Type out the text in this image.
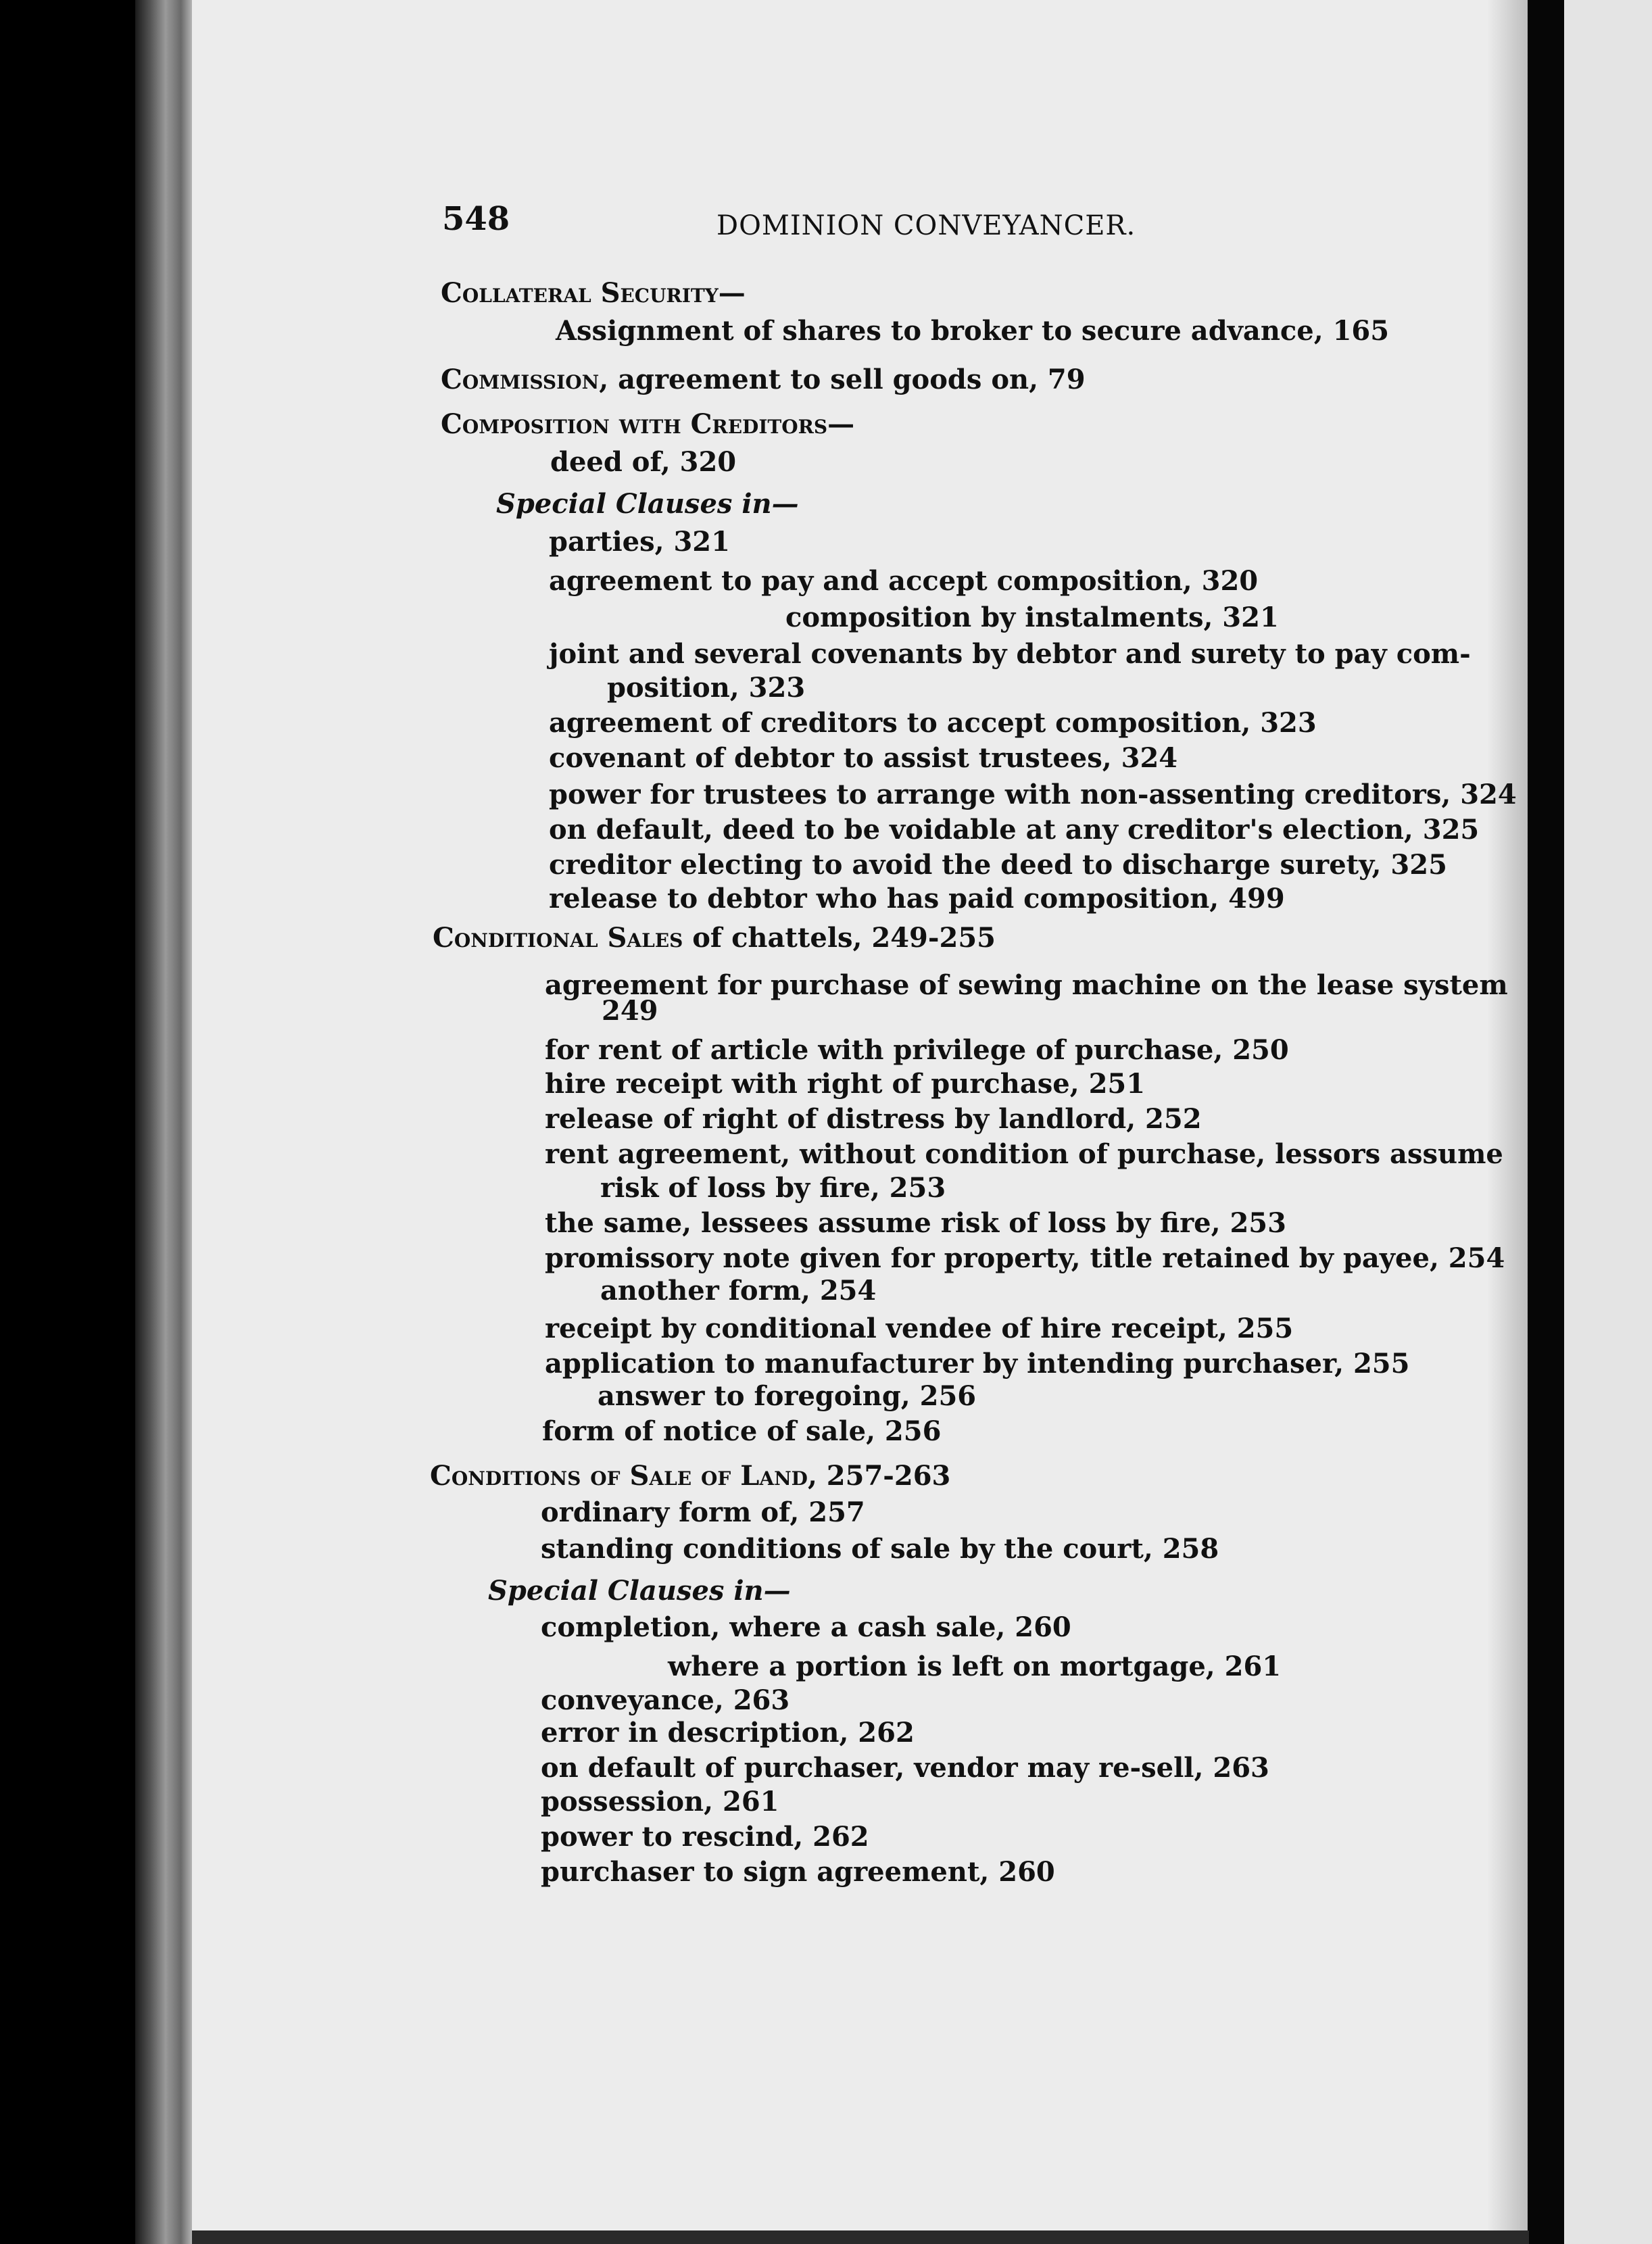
548	DOMINION CONVEYANCER.
Collateral Security—
Assignment of shares to broker to secure advance, 165
Commission, agreement to sell goods on, 79
Composition with Creditors—
deed of, 320
Special Clauses in—
parties, 321
agreement to pay and accept composition, 320
composition by instalments, 321
joint and several covenants by debtor and surety to pay com-
position, 323
agreement of creditors to accept composition, 323
covenant of debtor to assist trustees, 324
power for trustees to arrange with non-assenting creditors, 324
on default, deed to be voidable at any creditor's election, 325
creditor electing to avoid the deed to discharge surety, 325
release to debtor who has paid composition, 499
Conditional Sales of chattels, 249-255
agreement for purchase of sewing machine on the lease system
249
for rent of article with privilege of purchase, 250
hire receipt with right of purchase, 251
release of right of distress by landlord, 252
rent agreement, without condition of purchase, lessors assume
risk of loss by fire, 253
the same, lessees assume risk of loss by fire, 253
promissory note given for property, title retained by payee, 254
another form, 254
receipt by conditional vendee of hire receipt, 255
application to manufacturer by intending purchaser, 255
answer to foregoing, 256
form of notice of sale, 256
Conditions of Sale of Land, 257-263
ordinary form of, 257
standing conditions of sale by the court, 258
Special Clauses in—
completion, where a cash sale, 260
where a portion is left on mortgage, 261
conveyance, 263
error in description, 262
on default of purchaser, vendor may re-sell, 263
possession, 261
power to rescind, 262
purchaser to sign agreement, 260
